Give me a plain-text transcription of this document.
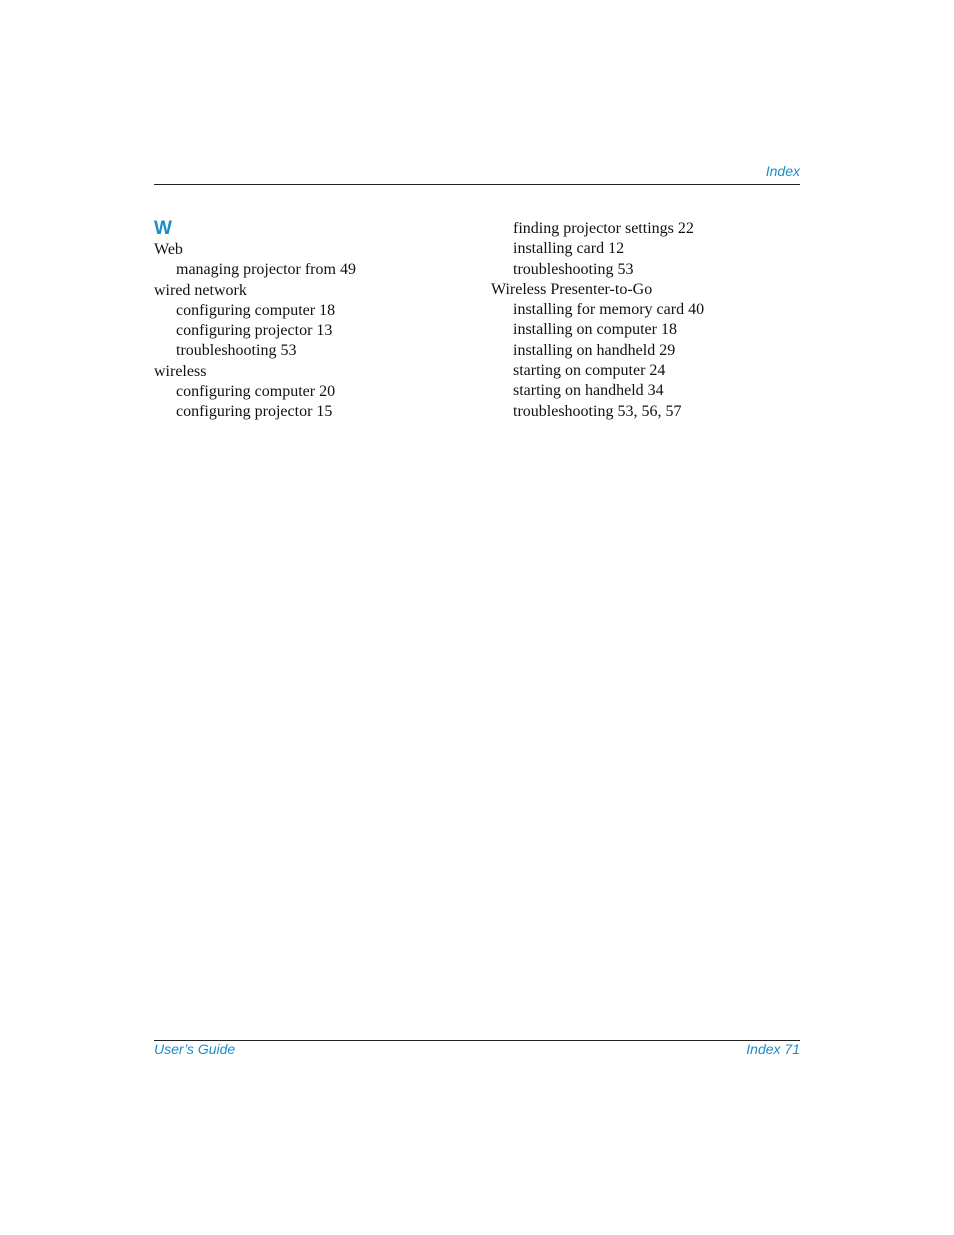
Index
W
Web
managing projector from 49
wired network
configuring computer 18
configuring projector 13
troubleshooting 53
wireless
configuring computer 20
configuring projector 15
finding projector settings 22
installing card 12
troubleshooting 53
Wireless Presenter-to-Go
installing for memory card 40
installing on computer 18
installing on handheld 29
starting on computer 24
starting on handheld 34
troubleshooting 53, 56, 57
User’s Guide	Index 71
